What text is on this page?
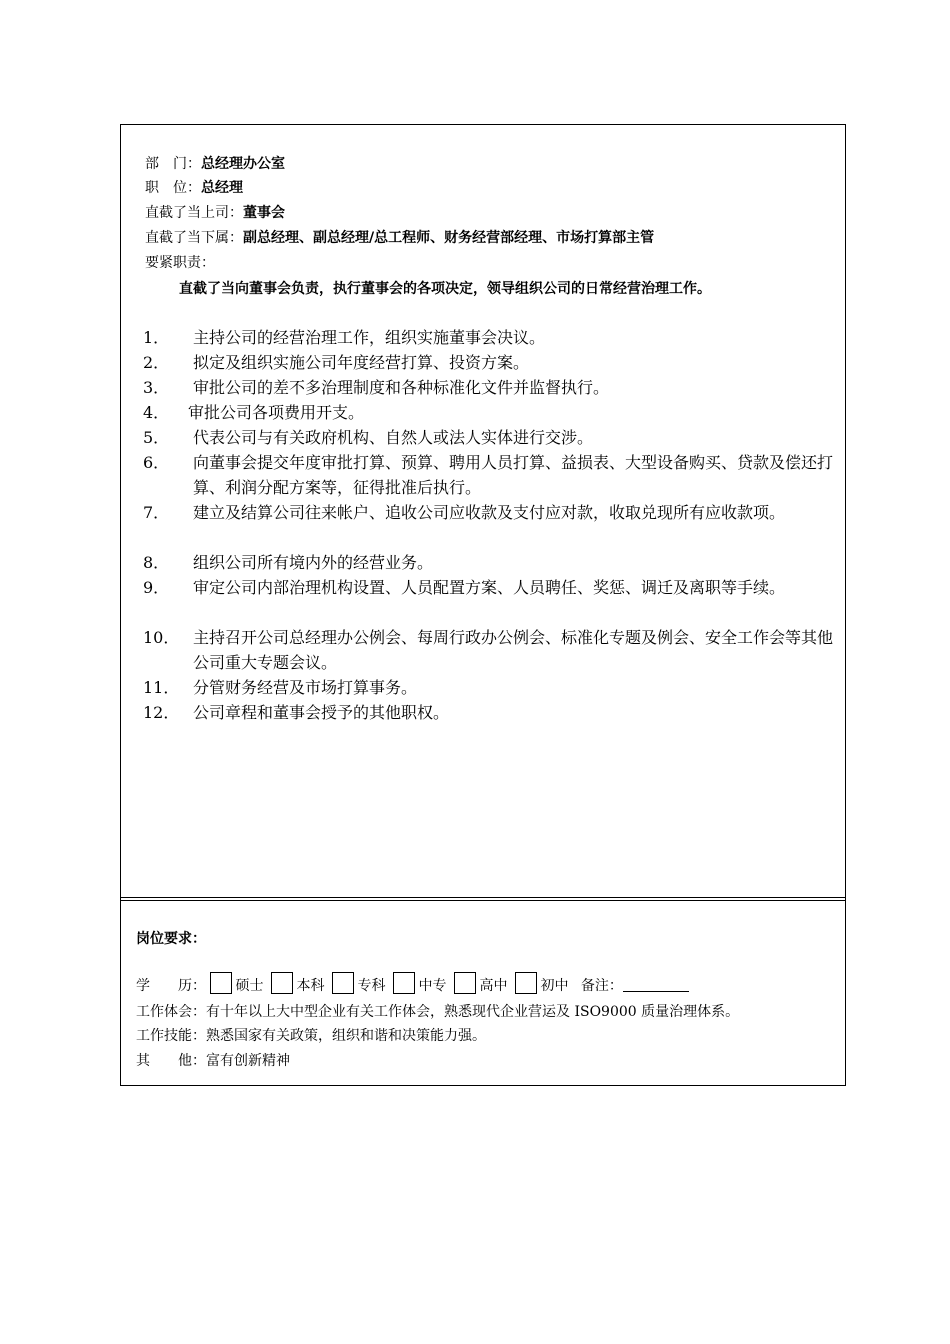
部　门：总经理办公室
职　位：总经理
直截了当上司：董事会
直截了当下属：副总经理、副总经理/总工程师、财务经营部经理、市场打算部主管
要紧职责：
直截了当向董事会负责，执行董事会的各项决定，领导组织公司的日常经营治理工作。
1． 主持公司的经营治理工作，组织实施董事会决议。
2． 拟定及组织实施公司年度经营打算、投资方案。
3． 审批公司的差不多治理制度和各种标准化文件并监督执行。
4． 审批公司各项费用开支。
5． 代表公司与有关政府机构、自然人或法人实体进行交涉。
6． 向董事会提交年度审批打算、预算、聘用人员打算、益损表、大型设备购买、贷款及偿还打算、利润分配方案等，征得批准后执行。
7． 建立及结算公司往来帐户、追收公司应收款及支付应对款，收取兑现所有应收款项。
8． 组织公司所有境内外的经营业务。
9． 审定公司内部治理机构设置、人员配置方案、人员聘任、奖惩、调迁及离职等手续。
10． 主持召开公司总经理办公例会、每周行政办公例会、标准化专题及例会、安全工作会等其他公司重大专题会议。
11． 分管财务经营及市场打算事务。
12． 公司章程和董事会授予的其他职权。
岗位要求：
学　　历： 硕士 本科 专科 中专 高中 初中 备注：
工作体会：有十年以上大中型企业有关工作体会，熟悉现代企业营运及 ISO9000 质量治理体系。
工作技能：熟悉国家有关政策，组织和谐和决策能力强。
其　　他：富有创新精神
